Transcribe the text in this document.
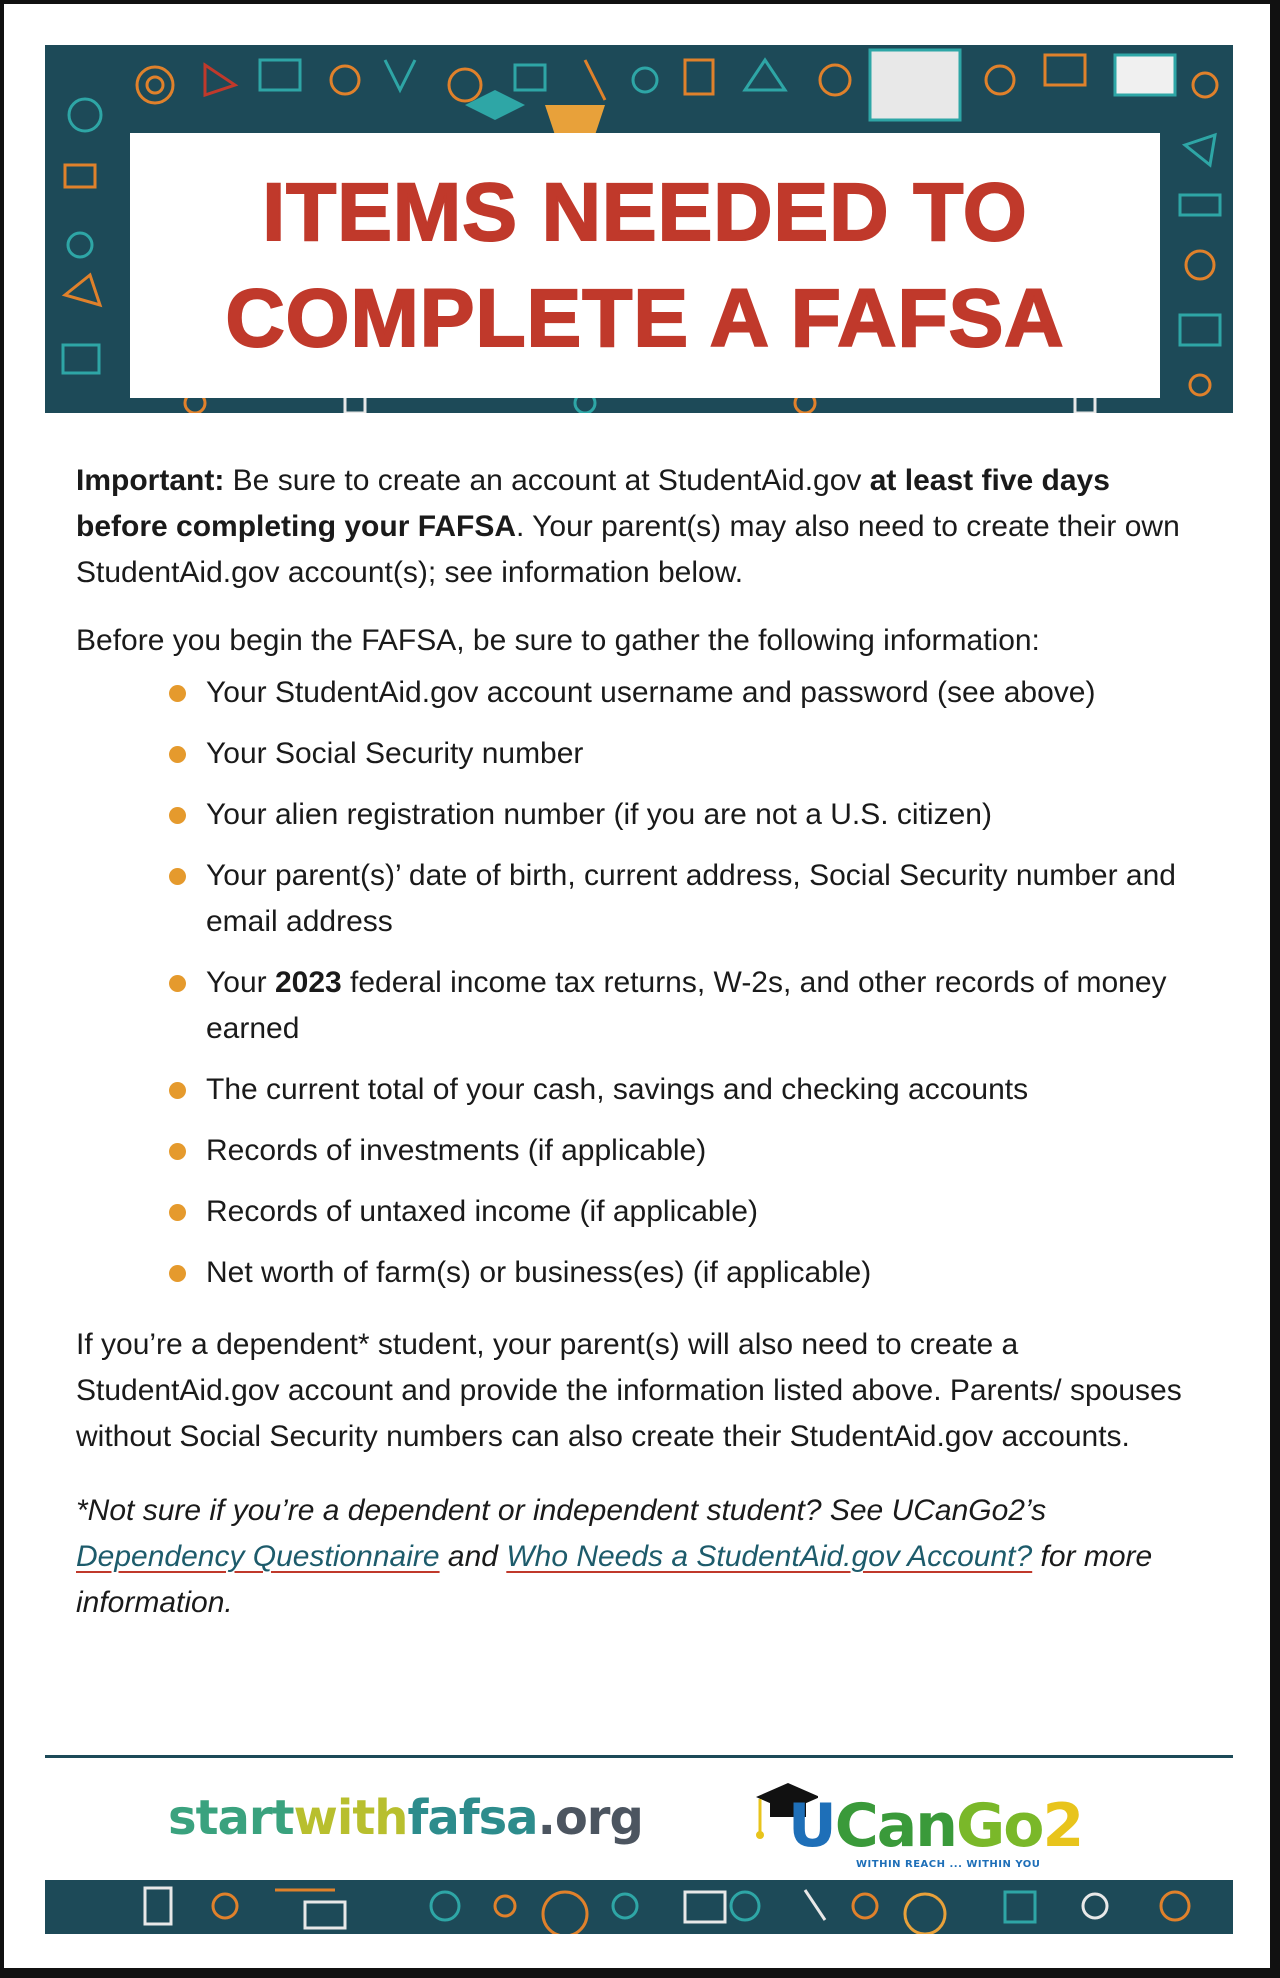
ITEMS NEEDED TO
COMPLETE A FAFSA

Important: Be sure to create an account at StudentAid.gov at least five days before completing your FAFSA. Your parent(s) may also need to create their own StudentAid.gov account(s); see information below.

Before you begin the FAFSA, be sure to gather the following information:

Your StudentAid.gov account username and password (see above)
Your Social Security number
Your alien registration number (if you are not a U.S. citizen)
Your parent(s)’ date of birth, current address, Social Security number and email address
Your 2023 federal income tax returns, W-2s, and other records of money earned
The current total of your cash, savings and checking accounts
Records of investments (if applicable)
Records of untaxed income (if applicable)
Net worth of farm(s) or business(es) (if applicable)

If you’re a dependent* student, your parent(s) will also need to create a StudentAid.gov account and provide the information listed above. Parents/ spouses without Social Security numbers can also create their StudentAid.gov accounts.

*Not sure if you’re a dependent or independent student? See UCanGo2’s Dependency Questionnaire and Who Needs a StudentAid.gov Account? for more information.

startwithfafsa.org UCanGo2
WITHIN REACH ... WITHIN YOU
